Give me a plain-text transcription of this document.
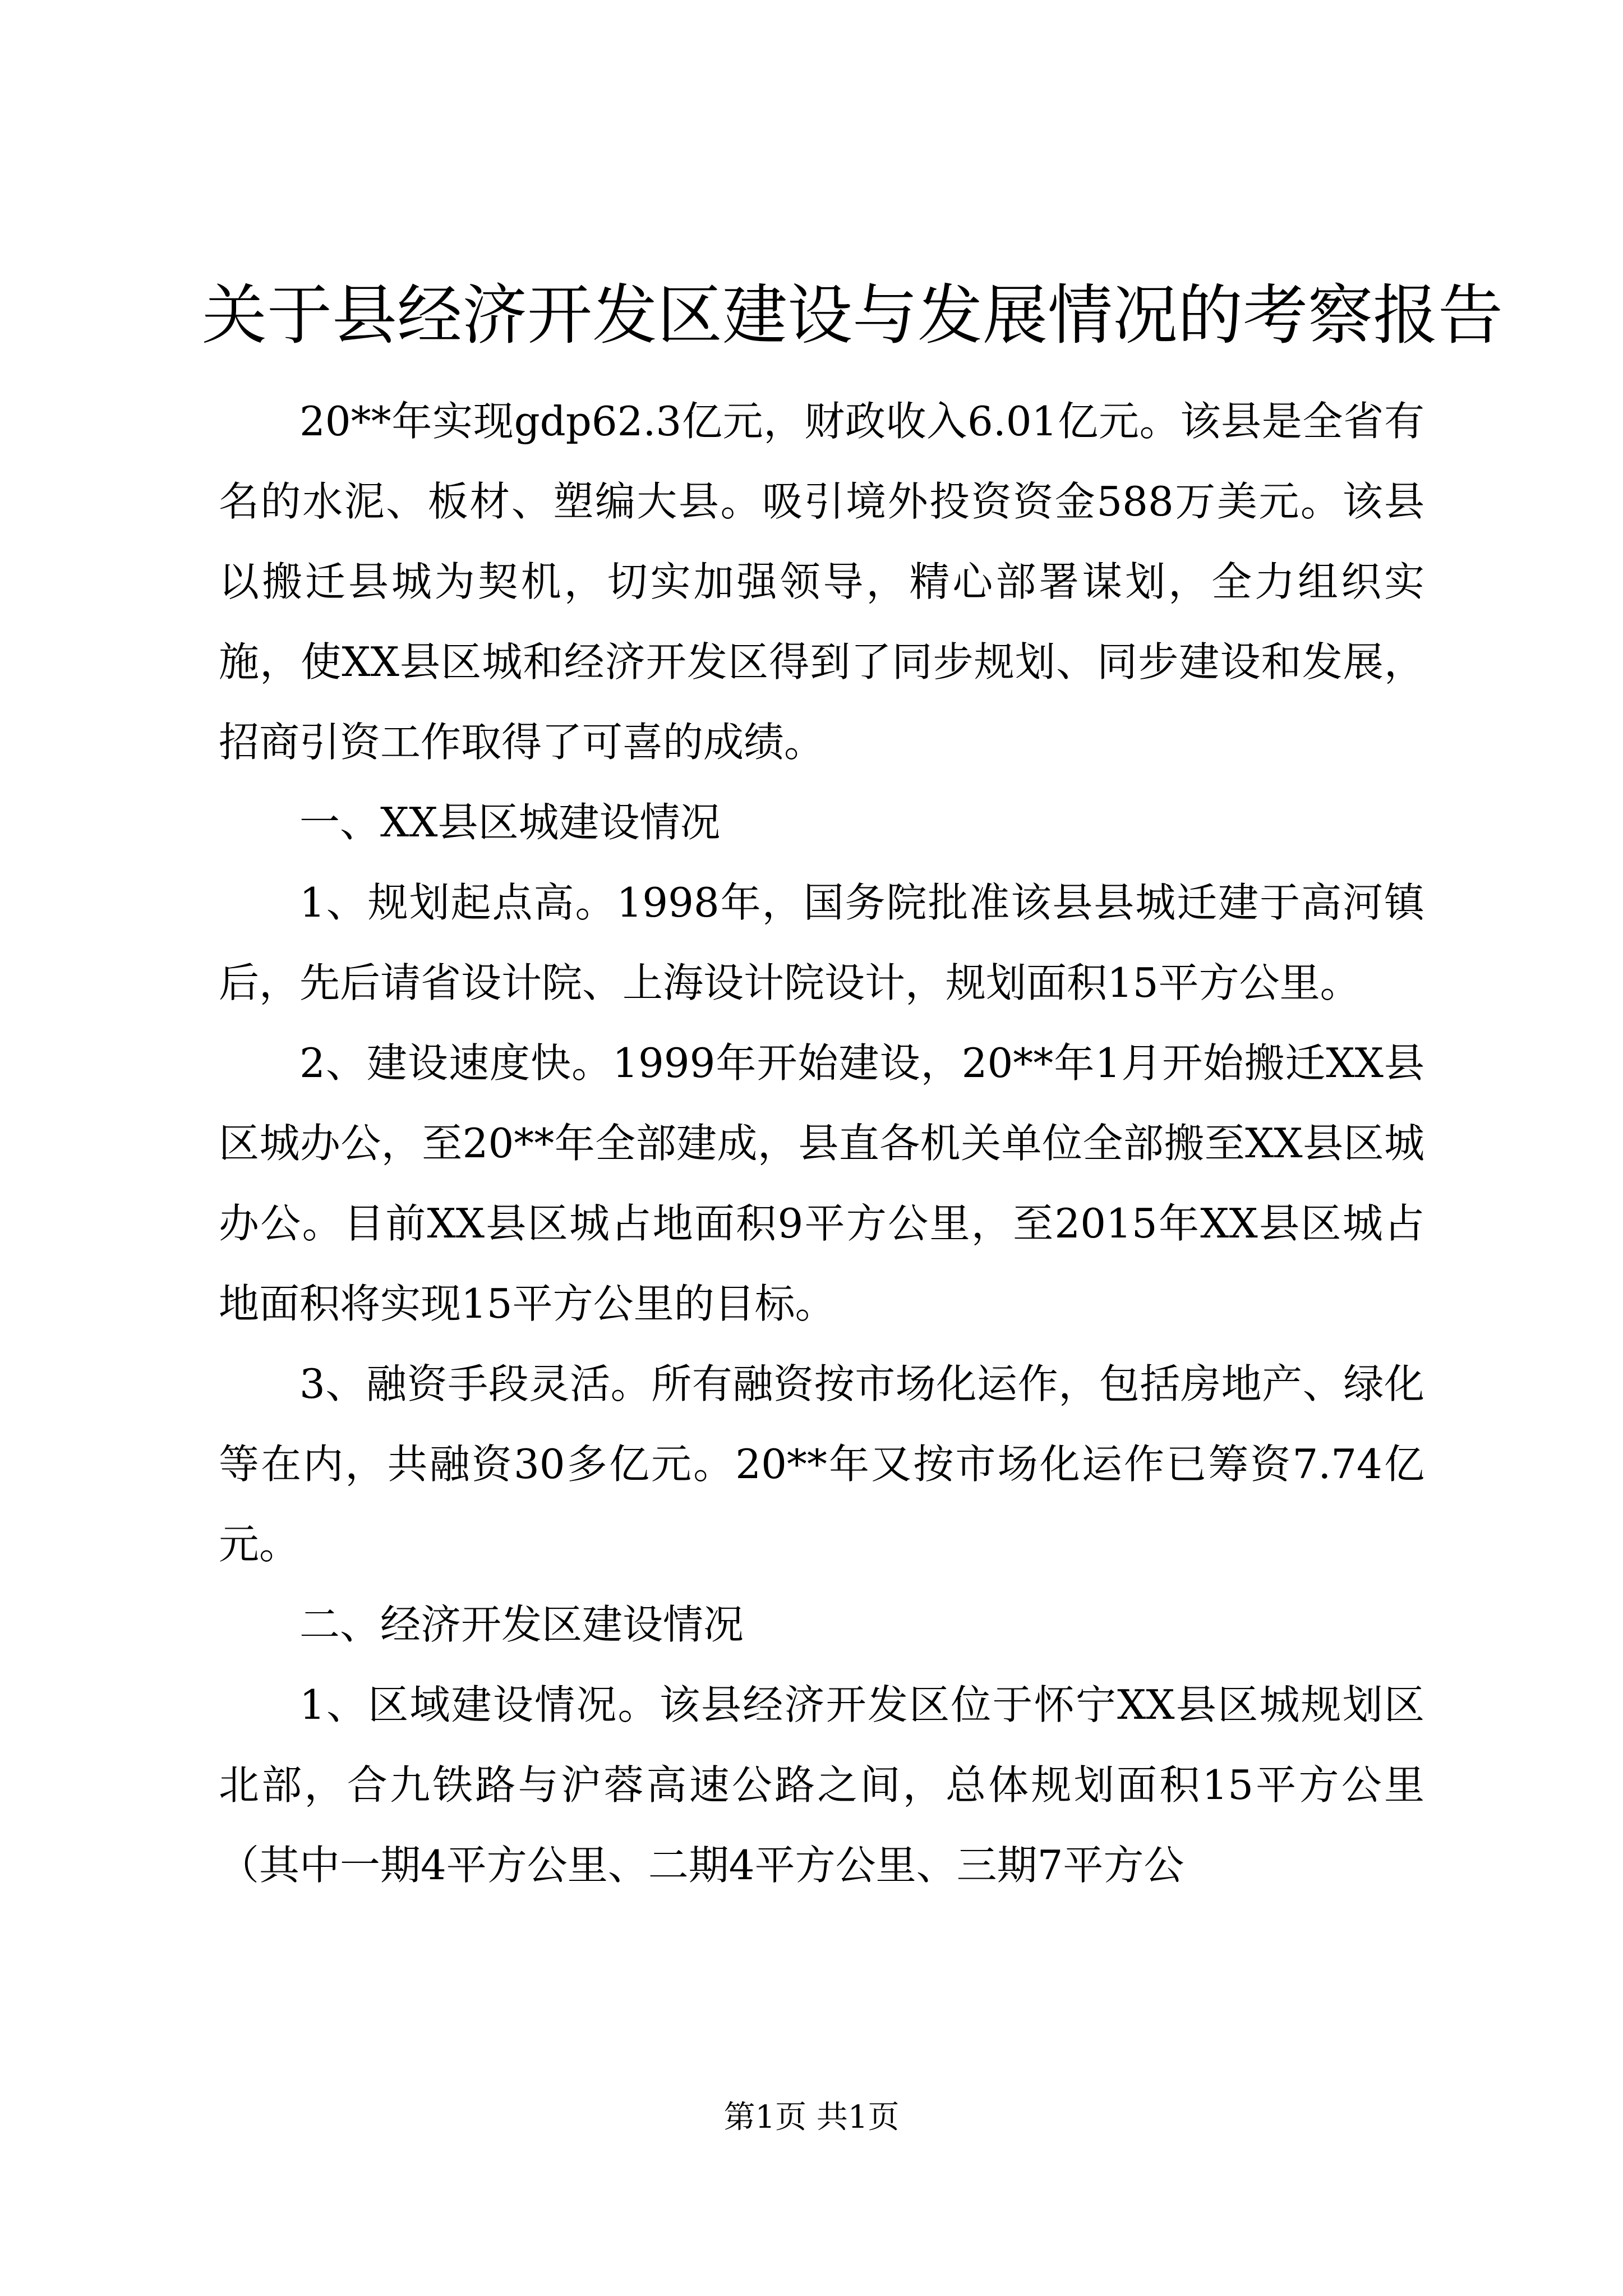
关于县经济开发区建设与发展情况的考察报告

20**年实现gdp62.3亿元，财政收入6.01亿元。该县是全省有名的水泥、板材、塑编大县。吸引境外投资资金588万美元。该县以搬迁县城为契机，切实加强领导，精心部署谋划，全力组织实施，使XX县区城和经济开发区得到了同步规划、同步建设和发展，招商引资工作取得了可喜的成绩。

一、XX县区城建设情况

1、规划起点高。1998年，国务院批准该县县城迁建于高河镇后，先后请省设计院、上海设计院设计，规划面积15平方公里。

2、建设速度快。1999年开始建设，20**年1月开始搬迁XX县区城办公，至20**年全部建成，县直各机关单位全部搬至XX县区城办公。目前XX县区城占地面积9平方公里，至2015年XX县区城占地面积将实现15平方公里的目标。

3、融资手段灵活。所有融资按市场化运作，包括房地产、绿化等在内，共融资30多亿元。20**年又按市场化运作已筹资7.74亿元。

二、经济开发区建设情况

1、区域建设情况。该县经济开发区位于怀宁XX县区城规划区北部，合九铁路与沪蓉高速公路之间，总体规划面积15平方公里（其中一期4平方公里、二期4平方公里、三期7平方公

第1页 共1页
